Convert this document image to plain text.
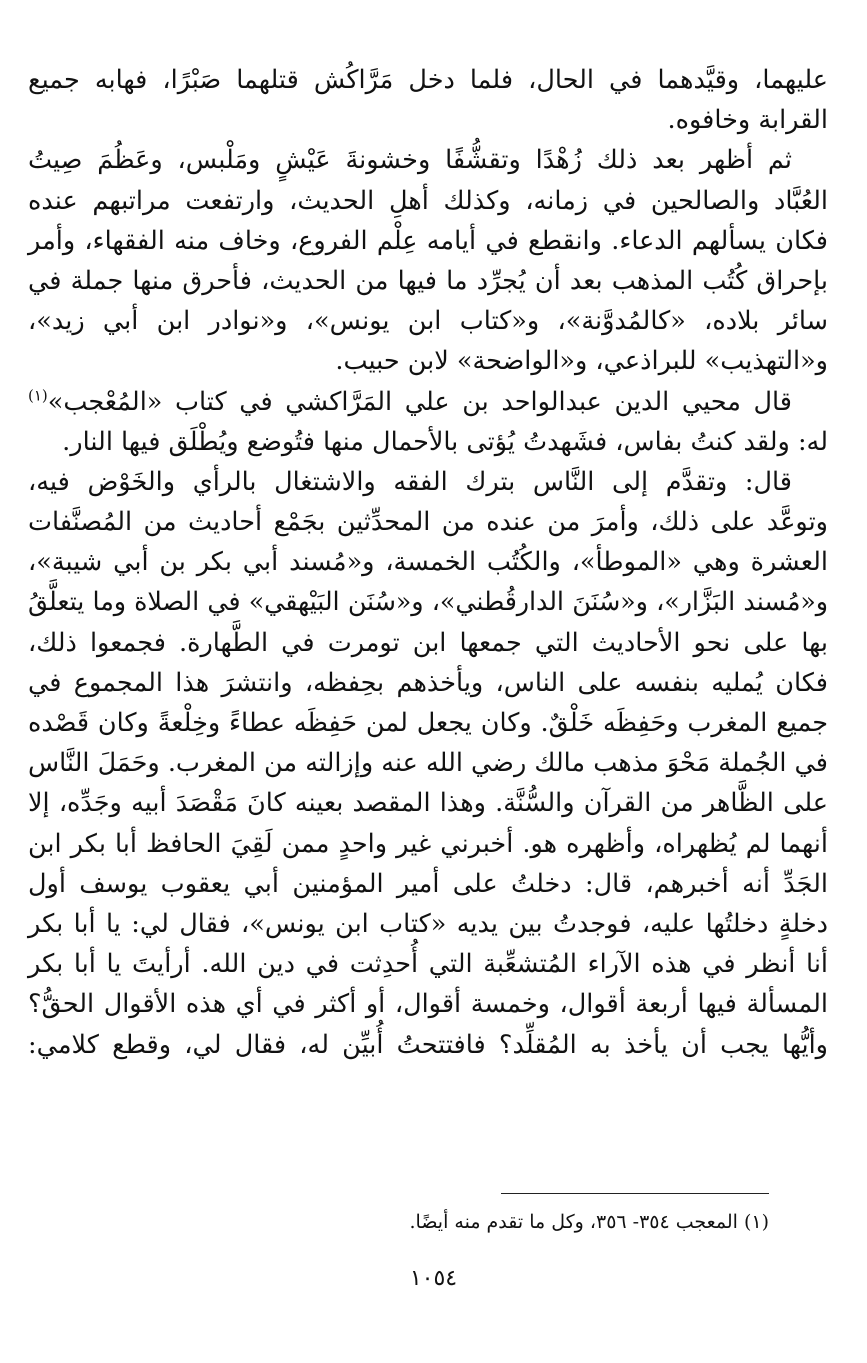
عليهما، وقيَّدهما في الحال، فلما دخل مَرَّاكُش قتلهما صَبْرًا، فهابه جميع
القرابة وخافوه.
ثم أظهر بعد ذلك زُهْدًا وتقشُّفًا وخشونةَ عَيْشٍ ومَلْبس، وعَظُمَ صِيتُ
العُبَّاد والصالحين في زمانه، وكذلك أهلِ الحديث، وارتفعت مراتبهم عنده
فكان يسألهم الدعاء. وانقطع في أيامه عِلْم الفروع، وخاف منه الفقهاء، وأمر
بإحراق كُتُب المذهب بعد أن يُجرِّد ما فيها من الحديث، فأحرق منها جملة في
سائر بلاده، «كالمُدوَّنة»، و«كتاب ابن يونس»، و«نوادر ابن أبي زيد»،
و«التهذيب» للبراذعي، و«الواضحة» لابن حبيب.
قال محيي الدين عبدالواحد بن علي المَرَّاكشي في كتاب «المُعْجب»$^{(١)}$
له: ولقد كنتُ بفاس، فشَهدتُ يُؤتى بالأحمال منها فتُوضع ويُطْلَق فيها النار.
قال: وتقدَّم إلى النَّاس بترك الفقه والاشتغال بالرأي والخَوْض فيه،
وتوعَّد على ذلك، وأمرَ من عنده من المحدِّثين بجَمْع أحاديث من المُصنَّفات
العشرة وهي «الموطأ»، والكُتُب الخمسة، و«مُسند أبي بكر بن أبي شيبة»،
و«مُسند البَزَّار»، و«سُنَنَ الدارقُطني»، و«سُنَن البَيْهقي» في الصلاة وما يتعلَّقُ
بها على نحو الأحاديث التي جمعها ابن تومرت في الطَّهارة. فجمعوا ذلك،
فكان يُمليه بنفسه على الناس، ويأخذهم بحِفظه، وانتشرَ هذا المجموع في
جميع المغرب وحَفِظَه خَلْقٌ. وكان يجعل لمن حَفِظَه عطاءً وخِلْعةً وكان قَصْده
في الجُملة مَحْوَ مذهب مالك رضي الله عنه وإزالته من المغرب. وحَمَلَ النَّاس
على الظَّاهر من القرآن والسُّنَّة. وهذا المقصد بعينه كانَ مَقْصَدَ أبيه وجَدِّه، إلا
أنهما لم يُظهراه، وأظهره هو. أخبرني غير واحدٍ ممن لَقِيَ الحافظ أبا بكر ابن
الجَدِّ أنه أخبرهم، قال: دخلتُ على أمير المؤمنين أبي يعقوب يوسف أول
دخلةٍ دخلتُها عليه، فوجدتُ بين يديه «كتاب ابن يونس»، فقال لي: يا أبا بكر
أنا أنظر في هذه الآراء المُتشعِّبة التي أُحدِثت في دين الله. أرأيتَ يا أبا بكر
المسألة فيها أربعة أقوال، وخمسة أقوال، أو أكثر في أي هذه الأقوال الحقُّ؟
وأيُّها يجب أن يأخذ به المُقلِّد؟ فافتتحتُ أُبيِّن له، فقال لي، وقطع كلامي:
(١) المعجب ٣٥٤- ٣٥٦، وكل ما تقدم منه أيضًا.
١٠٥٤
